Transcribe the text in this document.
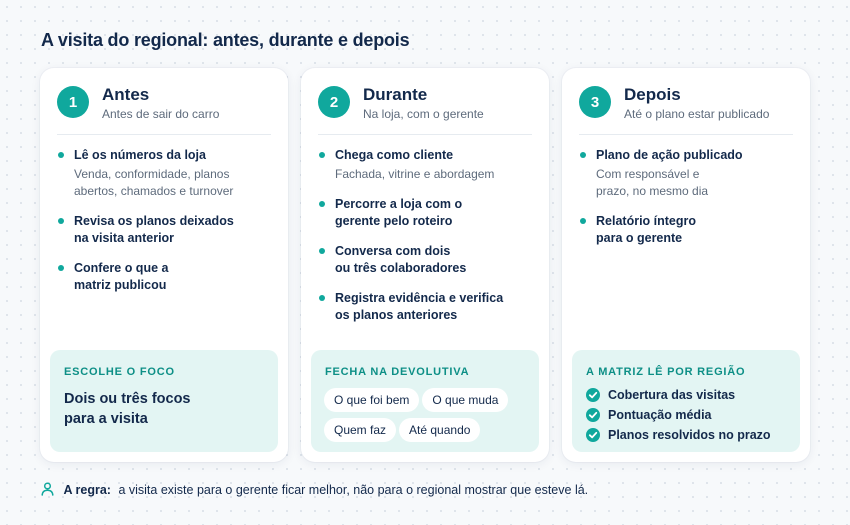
A visita do regional: antes, durante e depois
1	Antes
Antes de sair do carro
Lê os números da loja
Venda, conformidade, planos
abertos, chamados e turnover
Revisa os planos deixados
na visita anterior
Confere o que a
matriz publicou
ESCOLHE O FOCO
Dois ou três focos
para a visita
2	Durante
Na loja, com o gerente
Chega como cliente
Fachada, vitrine e abordagem
Percorre a loja com o
gerente pelo roteiro
Conversa com dois
ou três colaboradores
Registra evidência e verifica
os planos anteriores
FECHA NA DEVOLUTIVA
O que foi bem O que muda
Quem faz Até quando
3	Depois
Até o plano estar publicado
Plano de ação publicado
Com responsável e
prazo, no mesmo dia
Relatório íntegro
para o gerente
A MATRIZ LÊ POR REGIÃO
Cobertura das visitas
Pontuação média
Planos resolvidos no prazo
A regra: a visita existe para o gerente ficar melhor, não para o regional mostrar que esteve lá.
